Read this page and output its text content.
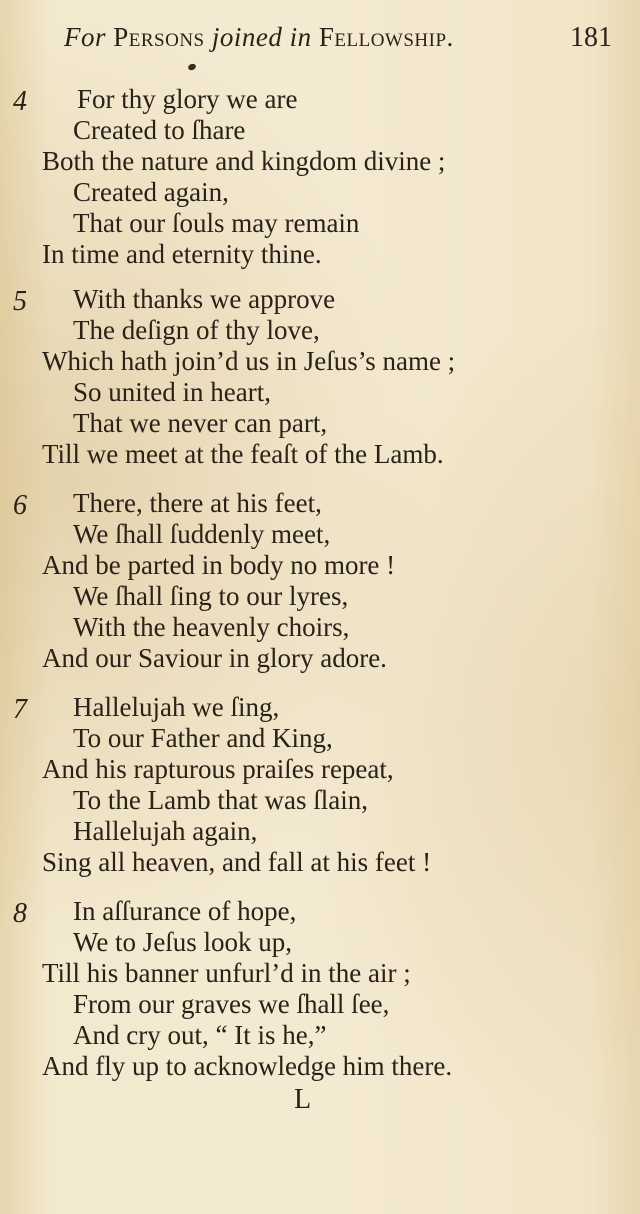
For Persons joined in Fellowship.	181
4 For thy glory we are
Created to ſhare
Both the nature and kingdom divine ;
Created again,
That our ſouls may remain
In time and eternity thine.
5 With thanks we approve
The deſign of thy love,
Which hath join’d us in Jeſus’s name ;
So united in heart,
That we never can part,
Till we meet at the feaſt of the Lamb.
6 There, there at his feet,
We ſhall ſuddenly meet,
And be parted in body no more !
We ſhall ſing to our lyres,
With the heavenly choirs,
And our Saviour in glory adore.
7 Hallelujah we ſing,
To our Father and King,
And his rapturous praiſes repeat,
To the Lamb that was ſlain,
Hallelujah again,
Sing all heaven, and fall at his feet !
8 In aſſurance of hope,
We to Jeſus look up,
Till his banner unfurl’d in the air ;
From our graves we ſhall ſee,
And cry out, “ It is he,”
And fly up to acknowledge him there.
L
